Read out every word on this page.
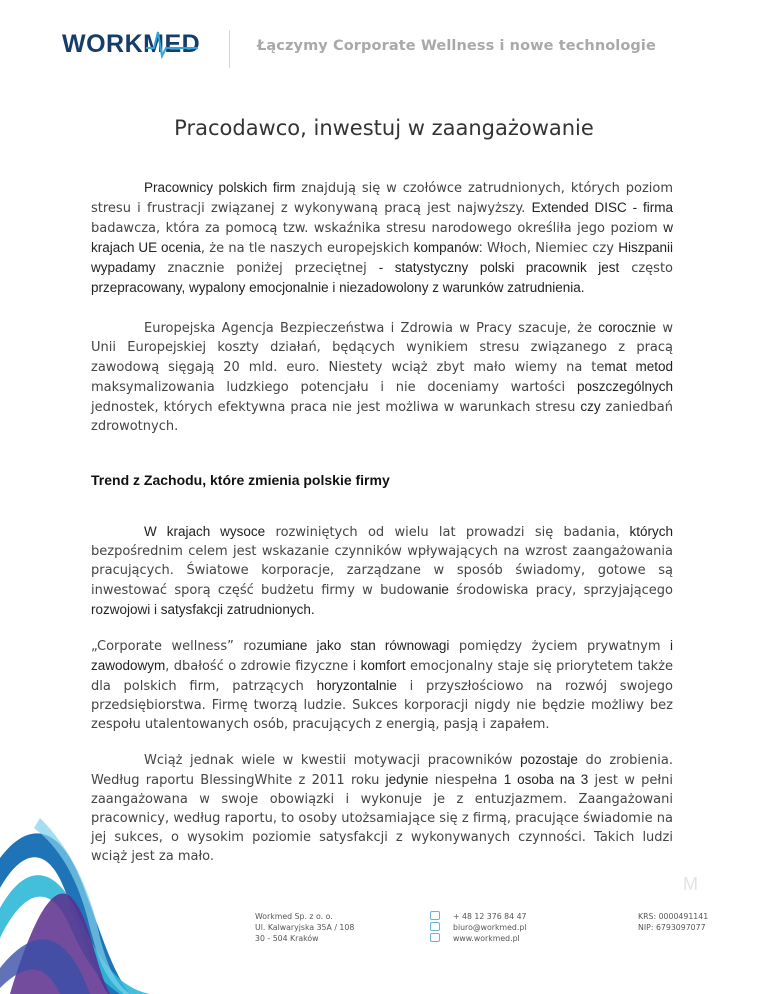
WORKMED	Łączymy Corporate Wellness i nowe technologie
Pracodawco, inwestuj w zaangażowanie

Pracownicy polskich firm znajdują się w czołówce zatrudnionych, których poziom stresu i frustracji związanej z wykonywaną pracą jest najwyższy. Extended DISC - firma badawcza, która za pomocą tzw. wskaźnika stresu narodowego określiła jego poziom w krajach UE ocenia, że na tle naszych europejskich kompanów: Włoch, Niemiec czy Hiszpanii wypadamy znacznie poniżej przeciętnej - statystyczny polski pracownik jest często przepracowany, wypalony emocjonalnie i niezadowolony z warunków zatrudnienia.

Europejska Agencja Bezpieczeństwa i Zdrowia w Pracy szacuje, że corocznie w Unii Europejskiej koszty działań, będących wynikiem stresu związanego z pracą zawodową sięgają 20 mld. euro. Niestety wciąż zbyt mało wiemy na temat metod maksymalizowania ludzkiego potencjału i nie doceniamy wartości poszczególnych jednostek, których efektywna praca nie jest możliwa w warunkach stresu czy zaniedbań zdrowotnych.

Trend z Zachodu, które zmienia polskie firmy

W krajach wysoce rozwiniętych od wielu lat prowadzi się badania, których bezpośrednim celem jest wskazanie czynników wpływających na wzrost zaangażowania pracujących. Światowe korporacje, zarządzane w sposób świadomy, gotowe są inwestować sporą część budżetu firmy w budowanie środowiska pracy, sprzyjającego rozwojowi i satysfakcji zatrudnionych.

„Corporate wellness” rozumiane jako stan równowagi pomiędzy życiem prywatnym i zawodowym, dbałość o zdrowie fizyczne i komfort emocjonalny staje się priorytetem także dla polskich firm, patrzących horyzontalnie i przyszłościowo na rozwój swojego przedsiębiorstwa. Firmę tworzą ludzie. Sukces korporacji nigdy nie będzie możliwy bez zespołu utalentowanych osób, pracujących z energią, pasją i zapałem.

Wciąż jednak wiele w kwestii motywacji pracowników pozostaje do zrobienia. Według raportu BlessingWhite z 2011 roku jedynie niespełna 1 osoba na 3 jest w pełni zaangażowana w swoje obowiązki i wykonuje je z entuzjazmem. Zaangażowani pracownicy, według raportu, to osoby utożsamiające się z firmą, pracujące świadomie na jej sukces, o wysokim poziomie satysfakcji z wykonywanych czynności. Takich ludzi wciąż jest za mało.

M
Workmed Sp. z o. o.
Ul. Kalwaryjska 35A / 108
30 - 504 Kraków
+ 48 12 376 84 47
biuro@workmed.pl
www.workmed.pl
KRS: 0000491141
NIP: 6793097077
